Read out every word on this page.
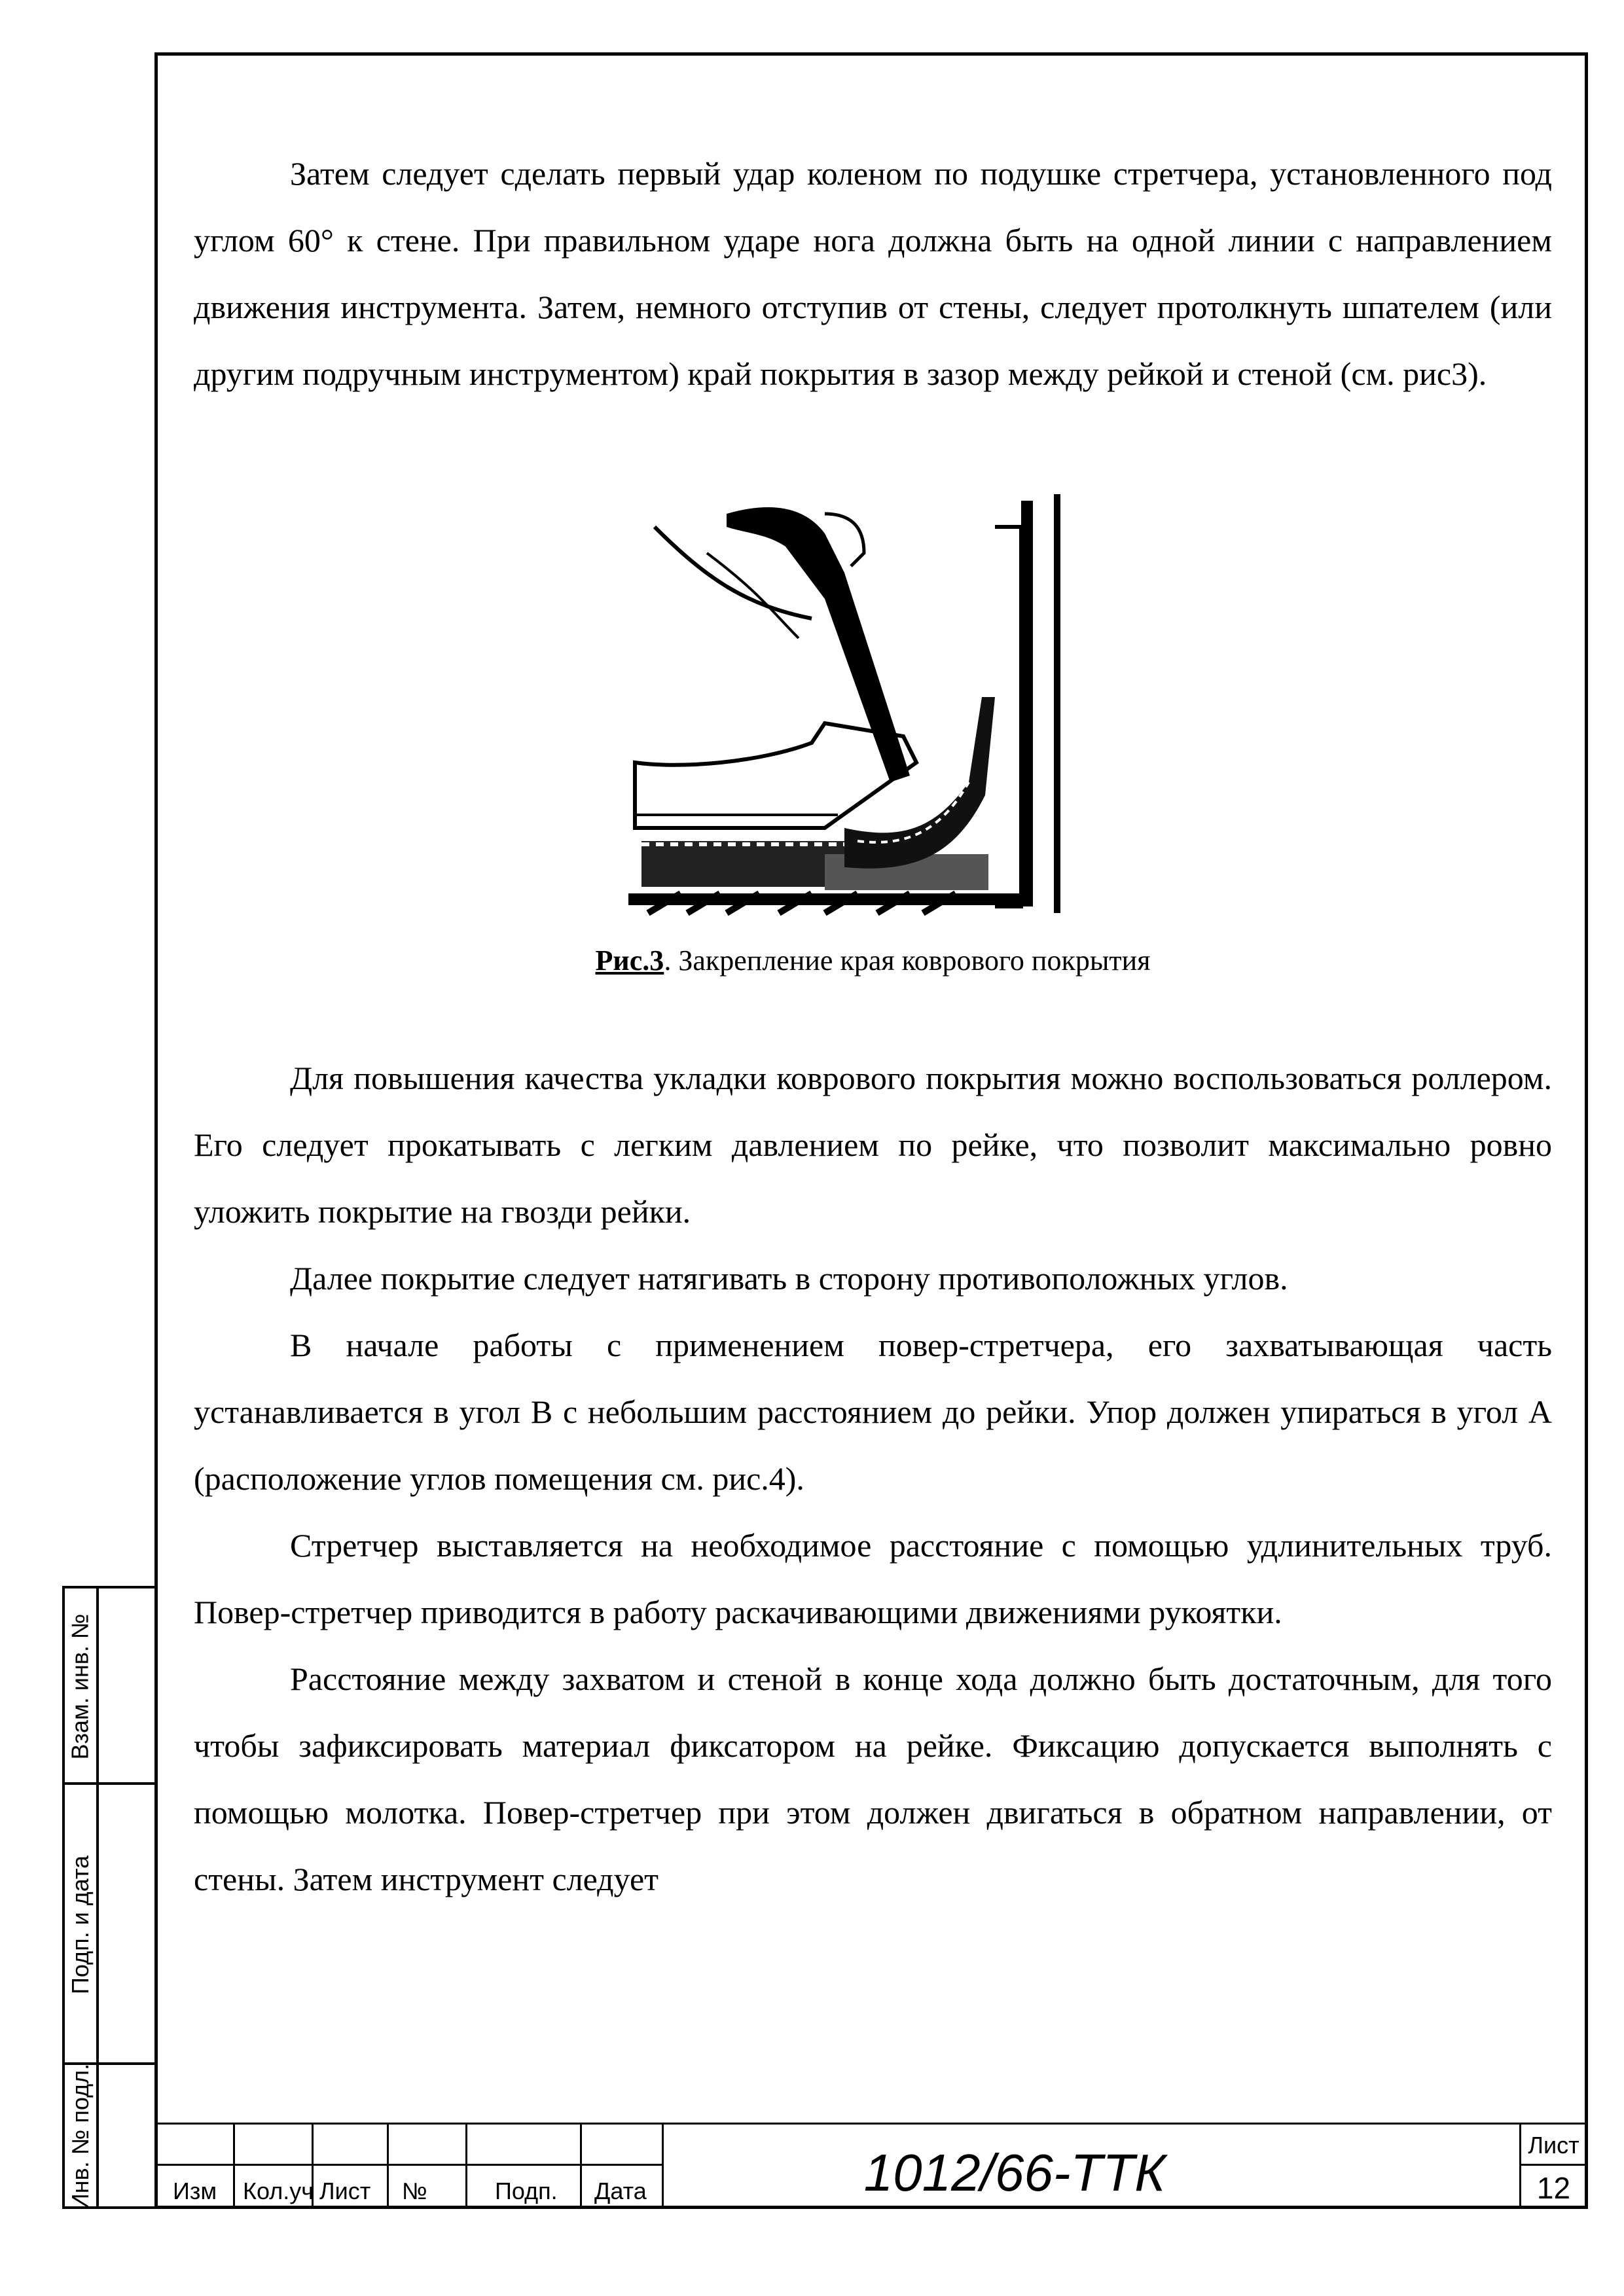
Затем следует сделать первый удар коленом по подушке стретчера, установленного под углом 60° к стене. При правильном ударе нога должна быть на одной линии с направлением движения инструмента. Затем, немного отступив от стены, следует протолкнуть шпателем (или другим подручным инструментом) край покрытия в зазор между рейкой и стеной (см. рис3).

Рис.3. Закрепление края коврового покрытия

Для повышения качества укладки коврового покрытия можно воспользоваться роллером. Его следует прокатывать с легким давлением по рейке, что позволит максимально ровно уложить покрытие на гвозди рейки.

Далее покрытие следует натягивать в сторону противоположных углов.

В начале работы с применением повер-стретчера, его захватывающая часть устанавливается в угол В с небольшим расстоянием до рейки. Упор должен упираться в угол А (расположение углов помещения см. рис.4).

Стретчер выставляется на необходимое расстояние с помощью удлинительных труб. Повер-стретчер приводится в работу раскачивающими движениями рукоятки.

Расстояние между захватом и стеной в конце хода должно быть достаточным, для того чтобы зафиксировать материал фиксатором на рейке. Фиксацию допускается выполнять с помощью молотка. Повер-стретчер при этом должен двигаться в обратном направлении, от стены. Затем инструмент следует

Взам. инв. №
Подп. и дата
Инв. № подл.	Изм Кол.уч Лист №	Подп. Дата
Лист
12
1012/66-ТТК
